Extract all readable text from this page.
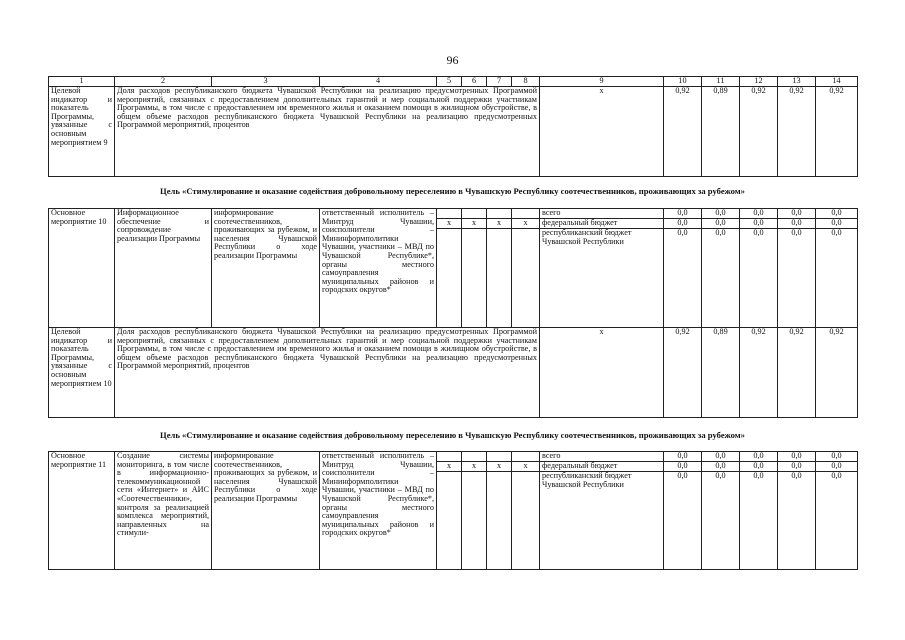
96
1	2	3	4	5	6	7	8	9	10	11	12	13	14
Целевой индикатор и показатель Программы, увязанные с основным мероприятием 9	Доля расходов республиканского бюджета Чувашской Республики на реализацию предусмотренных Программой мероприятий, связанных с предоставлением дополнительных гарантий и мер социальной поддержки участникам Программы, в том числе с предоставлением им временного жилья и оказанием помощи в жилищном обустройстве, в общем объеме расходов республиканского бюджета Чувашской Республики на реализацию предусмотренных Программой мероприятий, процентов							x	0,92	0,89	0,92	0,92	0,92
Цель «Стимулирование и оказание содействия добровольному переселению в Чувашскую Республику соотечественников, проживающих за рубежом»
Основное мероприятие 10	Информационное обеспечение и сопровождение реализации Программы	информирование соотечественников, проживающих за рубежом, и населения Чувашской Республики о ходе реализации Программы	ответственный исполнитель – Минтруд Чувашии, соисполнители – Мининформполитики Чувашии, участники – МВД по Чувашской Республике*, органы местного самоуправления муниципальных районов и городских округов*					всего	0,0	0,0	0,0	0,0	0,0
				x	x	x	x	федеральный бюджет	0,0	0,0	0,0	0,0	0,0
								республиканский бюджет Чувашской Республики	0,0	0,0	0,0	0,0	0,0
Целевой индикатор и показатель Программы, увязанные с основным мероприятием 10	Доля расходов республиканского бюджета Чувашской Республики на реализацию предусмотренных Программой мероприятий, связанных с предоставлением дополнительных гарантий и мер социальной поддержки участникам Программы, в том числе с предоставлением им временного жилья и оказанием помощи в жилищном обустройстве, в общем объеме расходов республиканского бюджета Чувашской Республики на реализацию предусмотренных Программой мероприятий, процентов							x	0,92	0,89	0,92	0,92	0,92
Цель «Стимулирование и оказание содействия добровольному переселению в Чувашскую Республику соотечественников, проживающих за рубежом»
Основное мероприятие 11	Создание системы мониторинга, в том числе в информационно-телекоммуникационной сети «Интернет» и АИС «Соотечественники», контроля за реализацией комплекса мероприятий, направленных на стимули-	информирование соотечественников, проживающих за рубежом, и населения Чувашской Республики о ходе реализации Программы	ответственный исполнитель – Минтруд Чувашии, соисполнители – Мининформполитики Чувашии, участники – МВД по Чувашской Республике*, органы местного самоуправления муниципальных районов и городских округов*					всего	0,0	0,0	0,0	0,0	0,0
				x	x	x	x	федеральный бюджет	0,0	0,0	0,0	0,0	0,0
								республиканский бюджет Чувашской Республики	0,0	0,0	0,0	0,0	0,0
